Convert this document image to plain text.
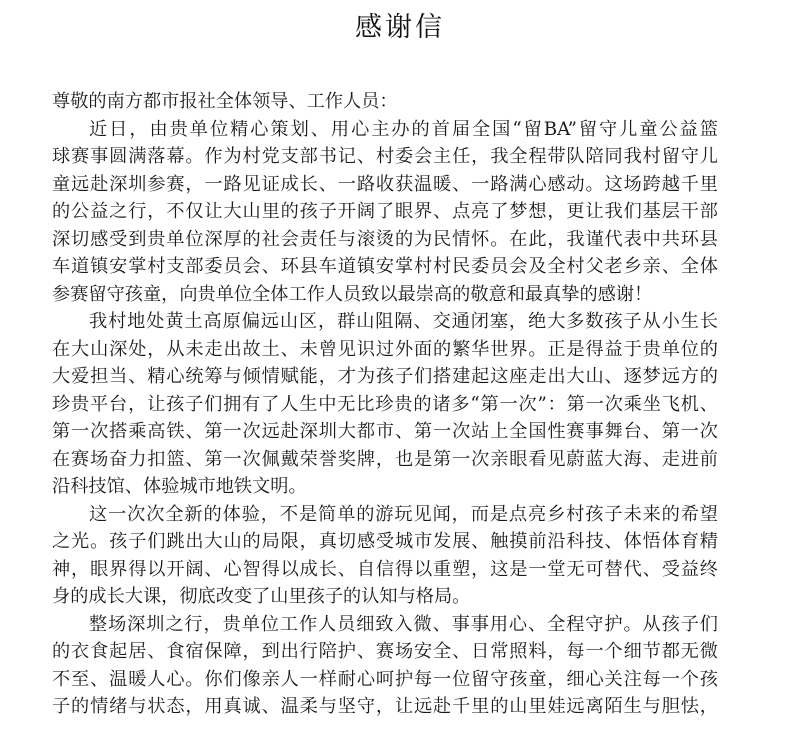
感谢信
尊敬的南方都市报社全体领导、工作人员：
近日，由贵单位精心策划、用心主办的首届全国“留BA”留守儿童公益篮
球赛事圆满落幕。作为村党支部书记、村委会主任，我全程带队陪同我村留守儿
童远赴深圳参赛，一路见证成长、一路收获温暖、一路满心感动。这场跨越千里
的公益之行，不仅让大山里的孩子开阔了眼界、点亮了梦想，更让我们基层干部
深切感受到贵单位深厚的社会责任与滚烫的为民情怀。在此，我谨代表中共环县
车道镇安掌村支部委员会、环县车道镇安掌村村民委员会及全村父老乡亲、全体
参赛留守孩童，向贵单位全体工作人员致以最崇高的敬意和最真挚的感谢！
我村地处黄土高原偏远山区，群山阻隔、交通闭塞，绝大多数孩子从小生长
在大山深处，从未走出故土、未曾见识过外面的繁华世界。正是得益于贵单位的
大爱担当、精心统筹与倾情赋能，才为孩子们搭建起这座走出大山、逐梦远方的
珍贵平台，让孩子们拥有了人生中无比珍贵的诸多“第一次”：第一次乘坐飞机、
第一次搭乘高铁、第一次远赴深圳大都市、第一次站上全国性赛事舞台、第一次
在赛场奋力扣篮、第一次佩戴荣誉奖牌，也是第一次亲眼看见蔚蓝大海、走进前
沿科技馆、体验城市地铁文明。
这一次次全新的体验，不是简单的游玩见闻，而是点亮乡村孩子未来的希望
之光。孩子们跳出大山的局限，真切感受城市发展、触摸前沿科技、体悟体育精
神，眼界得以开阔、心智得以成长、自信得以重塑，这是一堂无可替代、受益终
身的成长大课，彻底改变了山里孩子的认知与格局。
整场深圳之行，贵单位工作人员细致入微、事事用心、全程守护。从孩子们
的衣食起居、食宿保障，到出行陪护、赛场安全、日常照料，每一个细节都无微
不至、温暖人心。你们像亲人一样耐心呵护每一位留守孩童，细心关注每一个孩
子的情绪与状态，用真诚、温柔与坚守，让远赴千里的山里娃远离陌生与胆怯，
